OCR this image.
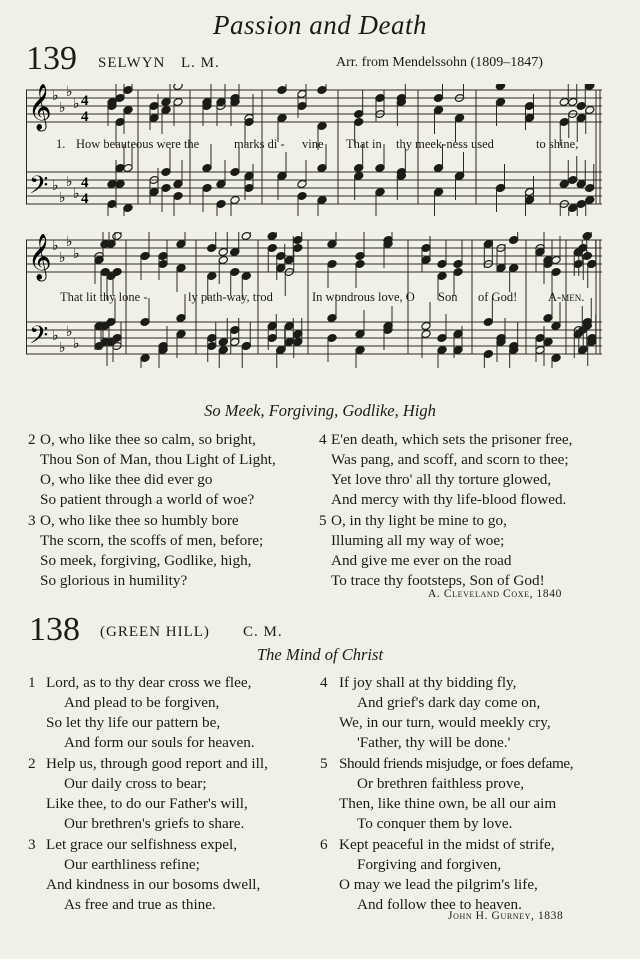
Passion and Death
139 SELWYN L. M.	Arr. from Mendelssohn (1809–1847)
𝄞
𝄢
♭
♭
♭
♭
♭
♭
♭
♭
4
4
4
4
1. How beauteous were the	marks di - vine That in thy meek-ness used	to shine,
𝄞
𝄢
♭
♭
♭
♭
♭
♭
♭
♭
That lit thy lone -	ly path-way, trod	In wondrous love, O Son of God! A-men.
So Meek, Forgiving, Godlike, High
2 O, who like thee so calm, so bright,
Thou Son of Man, thou Light of Light,
O, who like thee did ever go
So patient through a world of woe?
3 O, who like thee so humbly bore
The scorn, the scoffs of men, before;
So meek, forgiving, Godlike, high,
So glorious in humility?
4 E'en death, which sets the prisoner free,
Was pang, and scoff, and scorn to thee;
Yet love thro' all thy torture glowed,
And mercy with thy life-blood flowed.
5 O, in thy light be mine to go,
Illuming all my way of woe;
And give me ever on the road
To trace thy footsteps, Son of God!
A. Cleveland Coxe, 1840
138 (GREEN HILL) C. M.
The Mind of Christ
1 Lord, as to thy dear cross we flee,
And plead to be forgiven,
So let thy life our pattern be,
And form our souls for heaven.
2 Help us, through good report and ill,
Our daily cross to bear;
Like thee, to do our Father's will,
Our brethren's griefs to share.
3 Let grace our selfishness expel,
Our earthliness refine;
And kindness in our bosoms dwell,
As free and true as thine.
4 If joy shall at thy bidding fly,
And grief's dark day come on,
We, in our turn, would meekly cry,
'Father, thy will be done.'
5 Should friends misjudge, or foes defame,
Or brethren faithless prove,
Then, like thine own, be all our aim
To conquer them by love.
6 Kept peaceful in the midst of strife,
Forgiving and forgiven,
O may we lead the pilgrim's life,
And follow thee to heaven.
John H. Gurney, 1838
